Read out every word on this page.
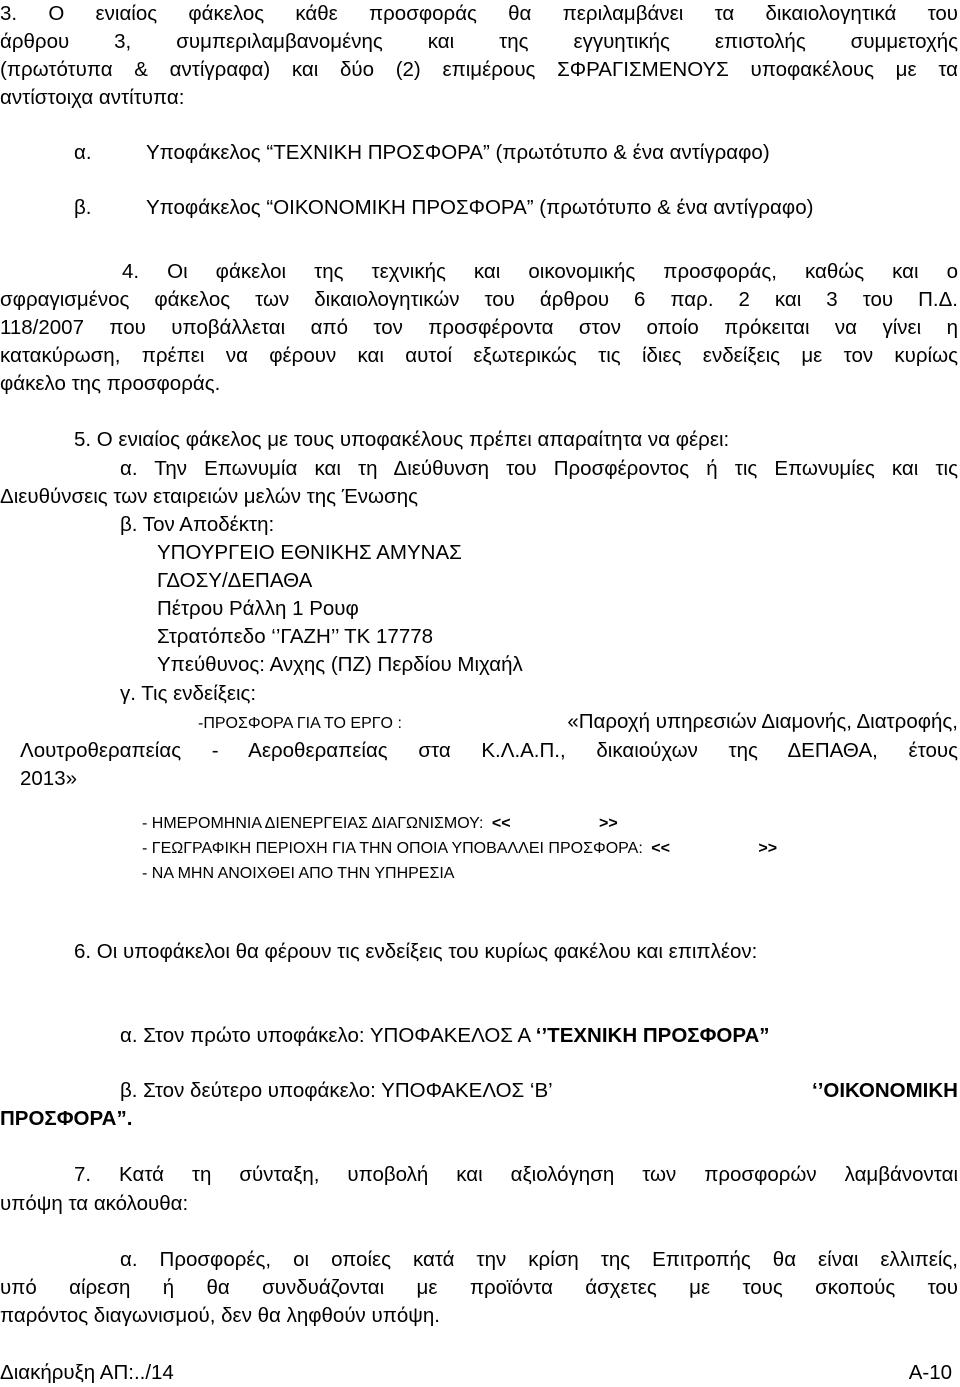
3. Ο ενιαίος φάκελος κάθε προσφοράς θα περιλαμβάνει τα δικαιολογητικά του
άρθρου 3, συμπεριλαμβανομένης και της εγγυητικής επιστολής συμμετοχής
(πρωτότυπα & αντίγραφα) και δύο (2) επιμέρους ΣΦΡΑΓΙΣΜΕΝΟΥΣ υποφακέλους με τα
αντίστοιχα αντίτυπα:
α.	Υποφάκελος “ΤΕΧΝΙΚΗ ΠΡΟΣΦΟΡΑ” (πρωτότυπο & ένα αντίγραφο)
β.	Υποφάκελος “ΟΙΚΟΝΟΜΙΚΗ ΠΡΟΣΦΟΡΑ” (πρωτότυπο & ένα αντίγραφο)
4. Οι φάκελοι της τεχνικής και οικονομικής προσφοράς, καθώς και ο
σφραγισμένος φάκελος των δικαιολογητικών του άρθρου 6 παρ. 2 και 3 του Π.Δ.
118/2007 που υποβάλλεται από τον προσφέροντα στον οποίο πρόκειται να γίνει η
κατακύρωση, πρέπει να φέρουν και αυτοί εξωτερικώς τις ίδιες ενδείξεις με τον κυρίως
φάκελο της προσφοράς.
5. Ο ενιαίος φάκελος με τους υποφακέλους πρέπει απαραίτητα να φέρει:
α. Την Επωνυμία και τη Διεύθυνση του Προσφέροντος ή τις Επωνυμίες και τις
Διευθύνσεις των εταιρειών μελών της Ένωσης
β. Τον Αποδέκτη:
ΥΠΟΥΡΓΕΙΟ ΕΘΝΙΚΗΣ ΑΜΥΝΑΣ
ΓΔΟΣΥ/ΔΕΠΑΘΑ
Πέτρου Ράλλη 1 Ρουφ
Στρατόπεδο ‘’ΓΑΖΗ’’ ΤΚ 17778
Υπεύθυνος: Ανχης (ΠΖ) Περδίου Μιχαήλ
γ. Τις ενδείξεις:
-ΠΡΟΣΦΟΡΑ ΓΙΑ ΤΟ ΕΡΓΟ :	«Παροχή υπηρεσιών Διαμονής, Διατροφής,
Λουτροθεραπείας - Αεροθεραπείας στα Κ.Λ.Α.Π., δικαιούχων της ΔΕΠΑΘΑ, έτους
2013»
- ΗΜΕΡΟΜΗΝΙΑ ΔΙΕΝΕΡΓΕΙΑΣ ΔΙΑΓΩΝΙΣΜΟΥ: <<	>>
- ΓΕΩΓΡΑΦΙΚΗ ΠΕΡΙΟΧΗ ΓΙΑ ΤΗΝ ΟΠΟΙΑ ΥΠΟΒΑΛΛΕΙ ΠΡΟΣΦΟΡΑ: <<	>>
- ΝΑ ΜΗΝ ΑΝΟΙΧΘΕΙ ΑΠΟ ΤΗΝ ΥΠΗΡΕΣΙΑ
6. Οι υποφάκελοι θα φέρουν τις ενδείξεις του κυρίως φακέλου και επιπλέον:
α. Στον πρώτο υποφάκελο: ΥΠΟΦΑΚΕΛΟΣ Α ‘’ΤΕΧΝΙΚΗ ΠΡΟΣΦΟΡΑ”
β. Στον δεύτερο υποφάκελο: ΥΠΟΦΑΚΕΛΟΣ ‘Β’	‘’ΟΙΚΟΝΟΜΙΚΗ
ΠΡΟΣΦΟΡΑ”.
7. Κατά τη σύνταξη, υποβολή και αξιολόγηση των προσφορών λαμβάνονται
υπόψη τα ακόλουθα:
α. Προσφορές, οι οποίες κατά την κρίση της Επιτροπής θα είναι ελλιπείς,
υπό αίρεση ή θα συνδυάζονται με προϊόντα άσχετες με τους σκοπούς του
παρόντος διαγωνισμού, δεν θα ληφθούν υπόψη.
Διακήρυξη ΑΠ:../14	Α-10
